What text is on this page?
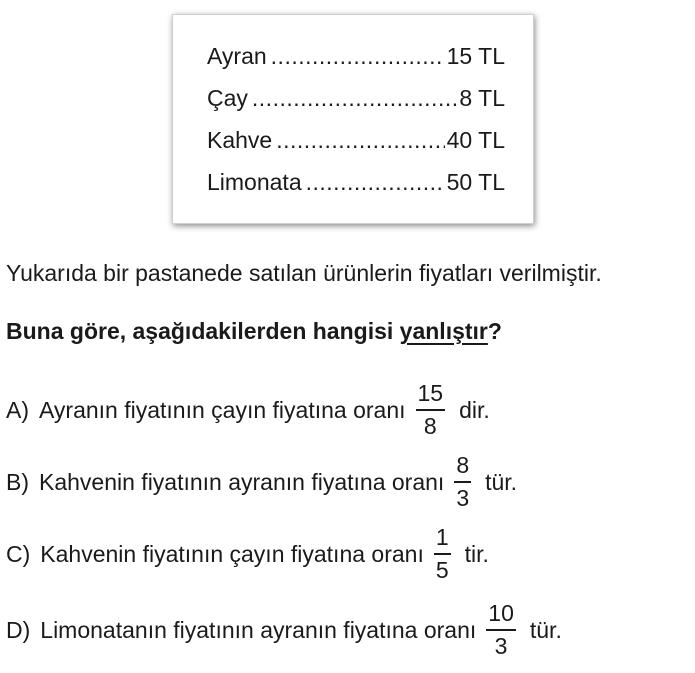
Ayran .....	15 TL
Çay .....	8 TL
Kahve .....	40 TL
Limonata .....	50 TL
Yukarıda bir pastanede satılan ürünlerin fiyatları verilmiştir.
Buna göre, aşağıdakilerden hangisi yanlıştır?
A) Ayranın fiyatının çayın fiyatına oranı $\frac{15}{8}$ dir.
B) Kahvenin fiyatının ayranın fiyatına oranı $\frac{8}{3}$ tür.
C) Kahvenin fiyatının çayın fiyatına oranı $\frac{1}{5}$ tir.
D) Limonatanın fiyatının ayranın fiyatına oranı $\frac{10}{3}$ tür.
